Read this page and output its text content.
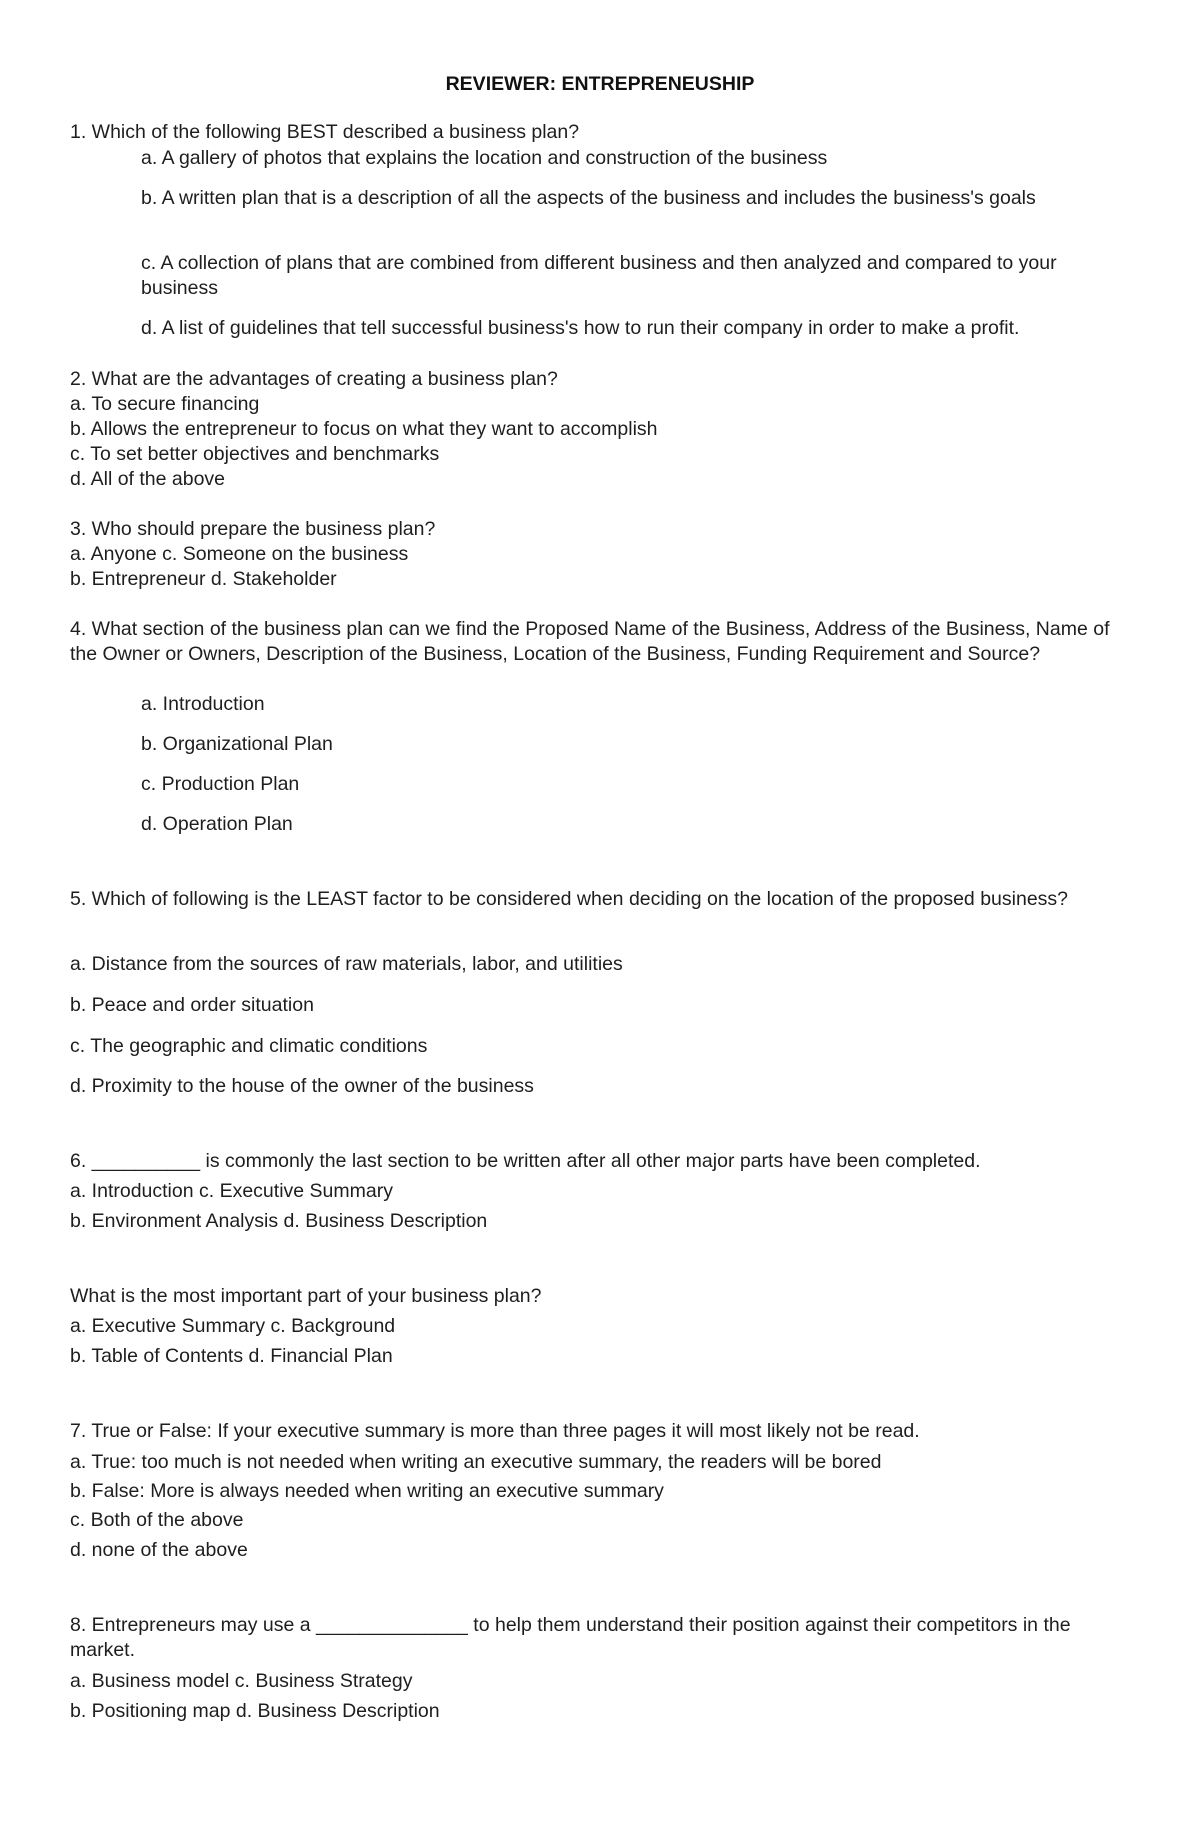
REVIEWER: ENTREPRENEUSHIP
1. Which of the following BEST described a business plan?
a. A gallery of photos that explains the location and construction of the business
b. A written plan that is a description of all the aspects of the business and includes the business's goals
c. A collection of plans that are combined from different business and then analyzed and compared to your business
d. A list of guidelines that tell successful business's how to run their company in order to make a profit.
2. What are the advantages of creating a business plan?
a. To secure financing
b. Allows the entrepreneur to focus on what they want to accomplish
c. To set better objectives and benchmarks
d. All of the above
3. Who should prepare the business plan?
a. Anyone c. Someone on the business
b. Entrepreneur d. Stakeholder
4. What section of the business plan can we find the Proposed Name of the Business, Address of the Business, Name of the Owner or Owners, Description of the Business, Location of the Business, Funding Requirement and Source?
a. Introduction
b. Organizational Plan
c. Production Plan
d. Operation Plan
5. Which of following is the LEAST factor to be considered when deciding on the location of the proposed business?
a. Distance from the sources of raw materials, labor, and utilities
b. Peace and order situation
c. The geographic and climatic conditions
d. Proximity to the house of the owner of the business
6. __________ is commonly the last section to be written after all other major parts have been completed.
a. Introduction c. Executive Summary
b. Environment Analysis d. Business Description
What is the most important part of your business plan?
a. Executive Summary c. Background
b. Table of Contents d. Financial Plan
7. True or False: If your executive summary is more than three pages it will most likely not be read.
a. True: too much is not needed when writing an executive summary, the readers will be bored
b. False: More is always needed when writing an executive summary
c. Both of the above
d. none of the above
8. Entrepreneurs may use a ______________ to help them understand their position against their competitors in the market.
a. Business model c. Business Strategy
b. Positioning map d. Business Description
